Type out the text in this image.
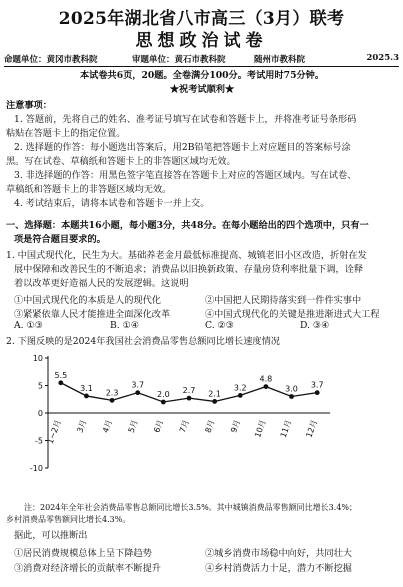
2025年湖北省八市高三（3月）联考
思想政治试卷
命题单位：黄冈市教科院	审题单位：黄石市教科院	随州市教科院	2025.3
本试卷共6页，20题。全卷满分100分。考试用时75分钟。
★祝考试顺利★
注意事项：
1. 答题前，先将自己的姓名、准考证号填写在试卷和答题卡上，并将准考证号条形码
粘贴在答题卡上的指定位置。
2. 选择题的作答：每小题选出答案后，用2B铅笔把答题卡上对应题目的答案标号涂
黑。写在试卷、草稿纸和答题卡上的非答题区域均无效。
3. 非选择题的作答：用黑色签字笔直接答在答题卡上对应的答题区域内。写在试卷、
草稿纸和答题卡上的非答题区域均无效。
4. 考试结束后，请将本试卷和答题卡一并上交。
一、选择题：本题共16小题，每小题3分，共48分。在每小题给出的四个选项中，只有一
项是符合题目要求的。
1. 中国式现代化，民生为大。基础养老金月最低标准提高、城镇老旧小区改造，折射在发
展中保障和改善民生的不断追求；消费品以旧换新政策、存量房贷利率批量下调，诠释
着以改革更好造福人民的发展逻辑。这说明
①中国式现代化的本质是人的现代化	②中国把人民期待落实到一件件实事中
③紧紧依靠人民才能推进全面深化改革	④中国式现代化的关键是推进渐进式大工程
A. ①③	B. ①④	C. ②③	D. ③④
2. 下图反映的是2024年我国社会消费品零售总额同比增长速度情况
10
5
0
-5
-10
5.5
1~2月
3.1
3月
2.3
4月
3.7
5月
2.0
6月
2.7
7月
2.1
8月
3.2
9月
4.8
10月
3.0
11月
3.7
12月
注：2024年全年社会消费品零售总额同比增长3.5%。其中城镇消费品零售额同比增长3.4%；
乡村消费品零售额同比增长4.3%。
据此，可以推断出
①居民消费规模总体上呈下降趋势	②城乡消费市场稳中向好，共同壮大
③消费对经济增长的贡献率不断提升	④乡村消费活力十足，潜力不断挖掘
